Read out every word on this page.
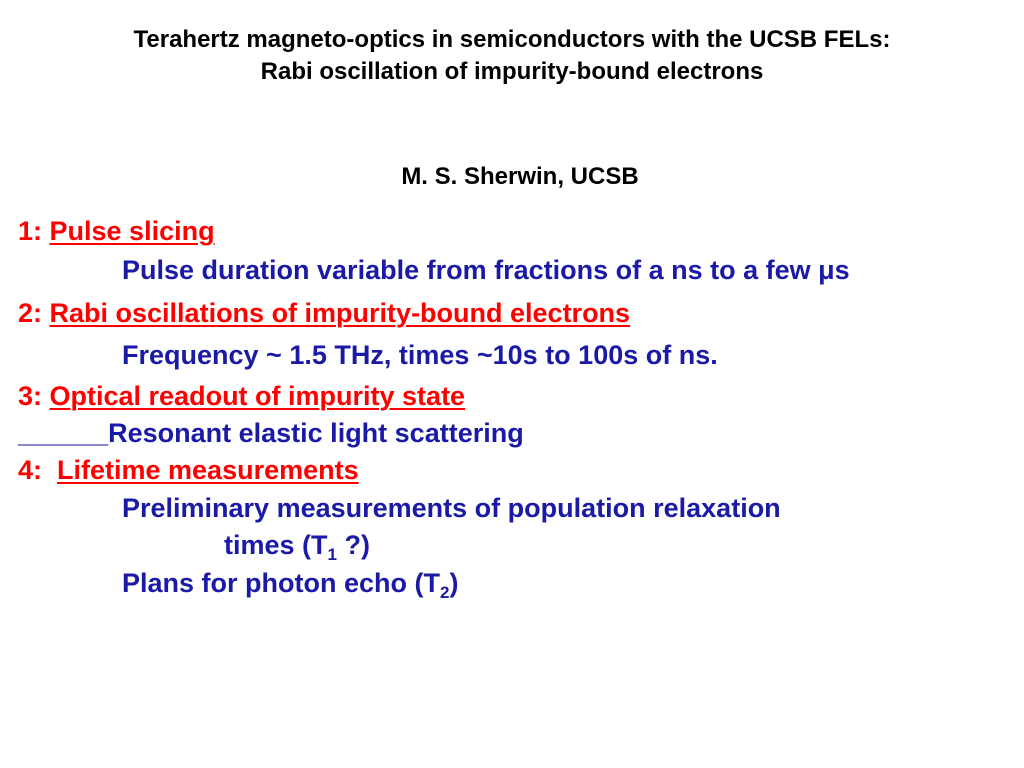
Terahertz magneto-optics in semiconductors with the UCSB FELs:
Rabi oscillation of impurity-bound electrons
M. S. Sherwin, UCSB
1: Pulse slicing
Pulse duration variable from fractions of a ns to a few μs
2: Rabi oscillations of impurity-bound electrons
Frequency ~ 1.5 THz, times ~10s to 100s of ns.
3: Optical readout of impurity state
______Resonant elastic light scattering
4:  Lifetime measurements
Preliminary measurements of population relaxation
times ($T_1$ ?)
Plans for photon echo $(T_2)$
